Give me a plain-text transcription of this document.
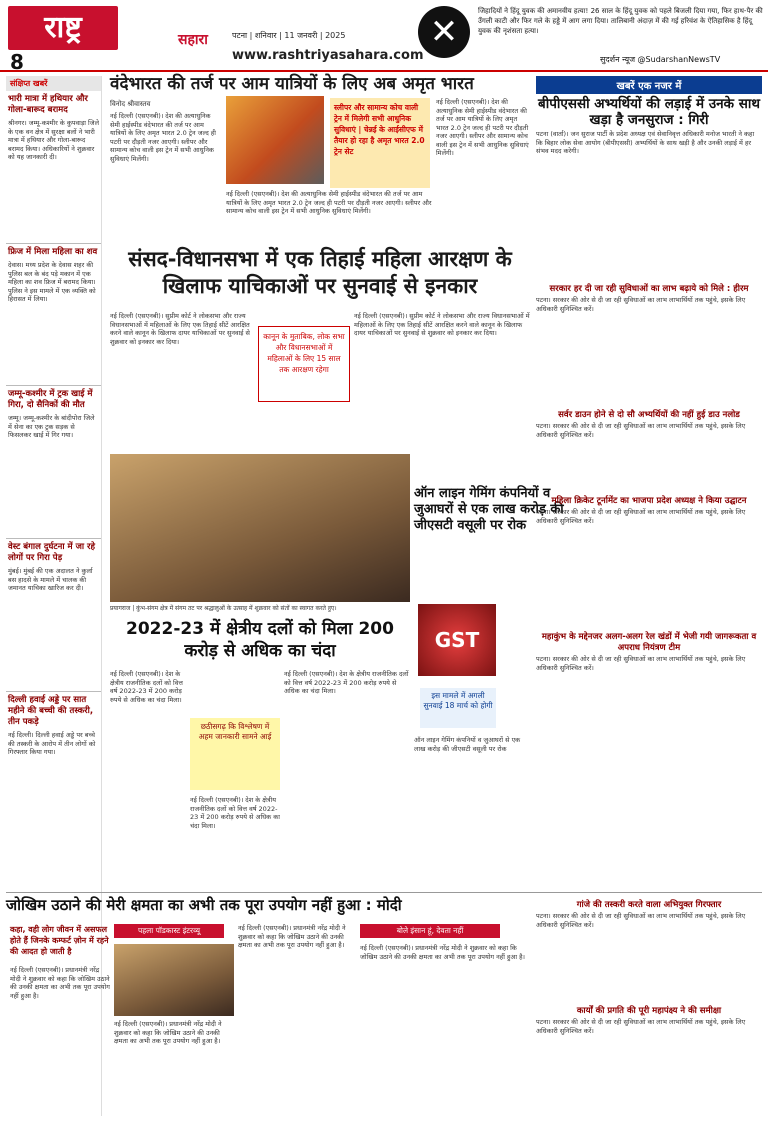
राष्ट्र
8
सहारा	पटना | शनिवार | 11 जनवरी | 2025
www.rashtriyasahara.com
✕
जिहादियों ने हिंदू युवक की अमानवीय हत्या! 26 साल के हिंदू युवक को पहले बिजली दिया गया, फिर हाथ-पैर की उँगली काटी और फिर गले के हड्डे में आग लगा दिया। तालिबानी अंदाज़ में की गई हरिवंश के ऐतिहासिक है हिंदू युवक की नृशंसता हत्या।
सुदर्शन न्यूज @SudarshanNewsTV
संक्षिप्त खबरें
भारी मात्रा में हथियार और गोला-बारूद बरामद
श्रीनगर। जम्मू-कश्मीर के कुपवाड़ा जिले के एक वन क्षेत्र में सुरक्षा बलों ने भारी मात्रा में हथियार और गोला-बारूद बरामद किया। अधिकारियों ने शुक्रवार को यह जानकारी दी।
फ्रिज में मिला महिला का शव
देवास। मध्य प्रदेश के देवास शहर की पुलिस बल के बंद पड़े मकान में एक महिला का शव फ्रिज में बरामद किया। पुलिस ने इस मामले में एक व्यक्ति को हिरासत में लिया।
जम्मू-कश्मीर में ट्रक खाई में गिरा, दो सैनिकों की मौत
जम्मू। जम्मू-कश्मीर के बांदीपोरा जिले में सेना का एक ट्रक सड़क से फिसलकर खाई में गिर गया।
वेस्ट बंगाल दुर्घटना में जा रहे लोगों पर गिरा पेड़
मुंबई। मुंबई की एक अदालत ने कुर्ला बस हादसे के मामले में चालक की जमानत याचिका खारिज कर दी।
दिल्ली हवाई अड्डे पर सात महीने की बच्ची की तस्करी, तीन पकड़े
नई दिल्ली। दिल्ली हवाई अड्डे पर बच्चे की तस्करी के आरोप में तीन लोगों को गिरफ्तार किया गया।
वंदेभारत की तर्ज पर आम यात्रियों के लिए अब अमृत भारत
विनोद श्रीवास्तव
नई दिल्ली (एसएनबी)। देश की अत्याधुनिक सेमी हाईस्पीड वंदेभारत की तर्ज पर आम यात्रियों के लिए अमृत भारत 2.0 ट्रेन जल्द ही पटरी पर दौड़ती नजर आएगी। स्लीपर और सामान्य कोच वाली इस ट्रेन में सभी आधुनिक सुविधाएं मिलेंगी।
स्लीपर और सामान्य कोच वाली ट्रेन में मिलेगी सभी आधुनिक सुविधाएं | चेन्नई के आईसीएफ में तैयार हो रहा है अमृत भारत 2.0 ट्रेन सेट
नई दिल्ली (एसएनबी)। देश की अत्याधुनिक सेमी हाईस्पीड वंदेभारत की तर्ज पर आम यात्रियों के लिए अमृत भारत 2.0 ट्रेन जल्द ही पटरी पर दौड़ती नजर आएगी। स्लीपर और सामान्य कोच वाली इस ट्रेन में सभी आधुनिक सुविधाएं मिलेंगी।
नई दिल्ली (एसएनबी)। देश की अत्याधुनिक सेमी हाईस्पीड वंदेभारत की तर्ज पर आम यात्रियों के लिए अमृत भारत 2.0 ट्रेन जल्द ही पटरी पर दौड़ती नजर आएगी। स्लीपर और सामान्य कोच वाली इस ट्रेन में सभी आधुनिक सुविधाएं मिलेंगी।
संसद-विधानसभा में एक तिहाई महिला आरक्षण के खिलाफ याचिकाओं पर सुनवाई से इनकार
नई दिल्ली (एसएनबी)। सुप्रीम कोर्ट ने लोकसभा और राज्य विधानसभाओं में महिलाओं के लिए एक तिहाई सीटें आरक्षित करने वाले कानून के खिलाफ दायर याचिकाओं पर सुनवाई से शुक्रवार को इनकार कर दिया।
कानून के मुताबिक, लोक सभा और विधानसभाओं में महिलाओं के लिए 15 साल तक आरक्षण रहेगा
नई दिल्ली (एसएनबी)। सुप्रीम कोर्ट ने लोकसभा और राज्य विधानसभाओं में महिलाओं के लिए एक तिहाई सीटें आरक्षित करने वाले कानून के खिलाफ दायर याचिकाओं पर सुनवाई से शुक्रवार को इनकार कर दिया।
प्रयागराज | कुंभ-संगम क्षेत्र में संगम तट पर श्रद्धालुओं के उत्साह में शुक्रवार को संतों का स्वागत करते हुए।
ऑन लाइन गेमिंग कंपनियों व जुआघरों से एक लाख करोड़ की जीएसटी वसूली पर रोक
GST
इस मामले में अगली सुनवाई 18 मार्च को होगी
ऑन लाइन गेमिंग कंपनियों व जुआघरों से एक लाख करोड़ की जीएसटी वसूली पर रोक
2022-23 में क्षेत्रीय दलों को मिला 200 करोड़ से अधिक का चंदा
नई दिल्ली (एसएनबी)। देश के क्षेत्रीय राजनीतिक दलों को वित्त वर्ष 2022-23 में 200 करोड़ रुपये से अधिक का चंदा मिला।
छठीसगढ़ कि विश्लेषण में अहम जानकारी सामने आई
नई दिल्ली (एसएनबी)। देश के क्षेत्रीय राजनीतिक दलों को वित्त वर्ष 2022-23 में 200 करोड़ रुपये से अधिक का चंदा मिला।
नई दिल्ली (एसएनबी)। देश के क्षेत्रीय राजनीतिक दलों को वित्त वर्ष 2022-23 में 200 करोड़ रुपये से अधिक का चंदा मिला।
खबरें एक नजर में
बीपीएससी अभ्यर्थियों की लड़ाई में उनके साथ खड़ा है जनसुराज : गिरी
पटना (वार्ता)। जन सुराज पार्टी के प्रदेश अध्यक्ष एवं सेवानिवृत्त अधिकारी मनोज भारती ने कहा कि बिहार लोक सेवा आयोग (बीपीएससी) अभ्यर्थियों के साथ खड़ी है और उनकी लड़ाई में हर संभव मदद करेगी।
सरकार हर दी जा रही सुविधाओं का लाभ बढ़ाये को मिले : हीरम
पटना। सरकार की ओर से दी जा रही सुविधाओं का लाभ लाभार्थियों तक पहुंचे, इसके लिए अधिकारी सुनिश्चित करें।
सर्वर डाउन होने से दो सौ अभ्यर्थियों की नहीं हुई डाउ नलोड
पटना। सरकार की ओर से दी जा रही सुविधाओं का लाभ लाभार्थियों तक पहुंचे, इसके लिए अधिकारी सुनिश्चित करें।
महिला क्रिकेट टूर्नामेंट का भाजपा प्रदेश अध्यक्ष ने किया उद्घाटन
पटना। सरकार की ओर से दी जा रही सुविधाओं का लाभ लाभार्थियों तक पहुंचे, इसके लिए अधिकारी सुनिश्चित करें।
महाकुंभ के मद्देनजर अलग-अलग रेल खंडों में भेजी गयी जागरूकता व अपराध नियंत्रण टीम
पटना। सरकार की ओर से दी जा रही सुविधाओं का लाभ लाभार्थियों तक पहुंचे, इसके लिए अधिकारी सुनिश्चित करें।
जोखिम उठाने की मेरी क्षमता का अभी तक पूरा उपयोग नहीं हुआ : मोदी
कहा, वही लोग जीवन में असफल होते हैं जिनके कम्फर्ट ज़ोन में रहने की आदत हो जाती है
नई दिल्ली (एसएनबी)। प्रधानमंत्री नरेंद्र मोदी ने शुक्रवार को कहा कि जोखिम उठाने की उनकी क्षमता का अभी तक पूरा उपयोग नहीं हुआ है।
पहला पॉडकास्ट इंटरव्यू
नई दिल्ली (एसएनबी)। प्रधानमंत्री नरेंद्र मोदी ने शुक्रवार को कहा कि जोखिम उठाने की उनकी क्षमता का अभी तक पूरा उपयोग नहीं हुआ है।
नई दिल्ली (एसएनबी)। प्रधानमंत्री नरेंद्र मोदी ने शुक्रवार को कहा कि जोखिम उठाने की उनकी क्षमता का अभी तक पूरा उपयोग नहीं हुआ है।
बोले इंसान हूं, देवता नहीं
नई दिल्ली (एसएनबी)। प्रधानमंत्री नरेंद्र मोदी ने शुक्रवार को कहा कि जोखिम उठाने की उनकी क्षमता का अभी तक पूरा उपयोग नहीं हुआ है।
गांजे की तस्करी करते वाला अभियुक्त गिरफ्तार
पटना। सरकार की ओर से दी जा रही सुविधाओं का लाभ लाभार्थियों तक पहुंचे, इसके लिए अधिकारी सुनिश्चित करें।
कार्यों की प्रगति की पूरी महापंक्ष्य ने की समीक्षा
पटना। सरकार की ओर से दी जा रही सुविधाओं का लाभ लाभार्थियों तक पहुंचे, इसके लिए अधिकारी सुनिश्चित करें।
